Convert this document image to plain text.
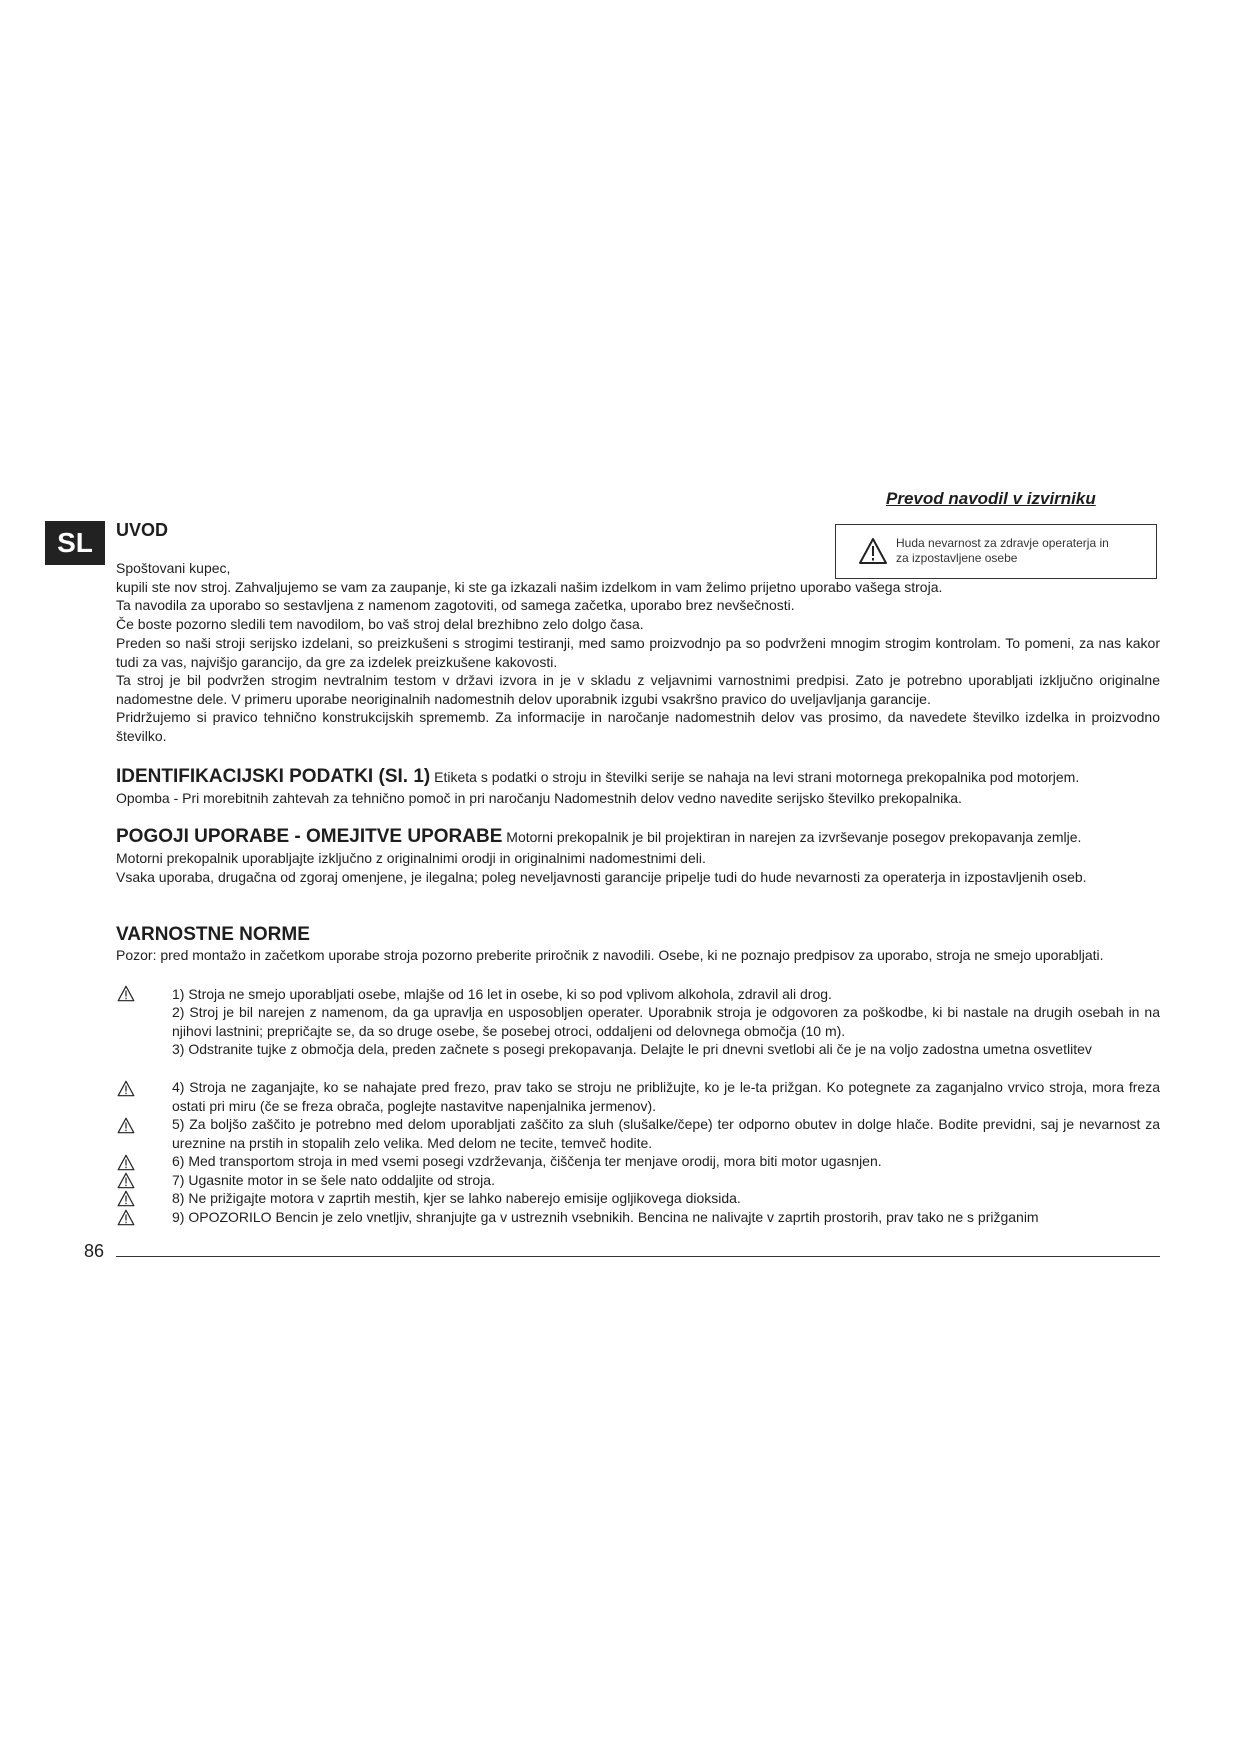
Prevod navodil v izvirniku
SL	UVOD
Huda nevarnost za zdravje operaterja in
za izpostavljene osebe
Spoštovani kupec,
kupili ste nov stroj. Zahvaljujemo se vam za zaupanje, ki ste ga izkazali našim izdelkom in vam želimo prijetno uporabo vašega stroja.
Ta navodila za uporabo so sestavljena z namenom zagotoviti, od samega začetka, uporabo brez nevšečnosti.
Če boste pozorno sledili tem navodilom, bo vaš stroj delal brezhibno zelo dolgo časa.
Preden so naši stroji serijsko izdelani, so preizkušeni s strogimi testiranji, med samo proizvodnjo pa so podvrženi mnogim strogim kontrolam. To pomeni, za nas kakor tudi za vas, najvišjo garancijo, da gre za izdelek preizkušene kakovosti.
Ta stroj je bil podvržen strogim nevtralnim testom v državi izvora in je v skladu z veljavnimi varnostnimi predpisi. Zato je potrebno uporabljati izključno originalne nadomestne dele. V primeru uporabe neoriginalnih nadomestnih delov uporabnik izgubi vsakršno pravico do uveljavljanja garancije.
Pridržujemo si pravico tehnično konstrukcijskih sprememb. Za informacije in naročanje nadomestnih delov vas prosimo, da navedete številko izdelka in proizvodno številko.
IDENTIFIKACIJSKI PODATKI (SI. 1) Etiketa s podatki o stroju in številki serije se nahaja na levi strani motornega prekopalnika pod motorjem.
Opomba - Pri morebitnih zahtevah za tehnično pomoč in pri naročanju Nadomestnih delov vedno navedite serijsko številko prekopalnika.
POGOJI UPORABE - OMEJITVE UPORABE Motorni prekopalnik je bil projektiran in narejen za izvrševanje posegov prekopavanja zemlje.
Motorni prekopalnik uporabljajte izključno z originalnimi orodji in originalnimi nadomestnimi deli.
Vsaka uporaba, drugačna od zgoraj omenjene, je ilegalna; poleg neveljavnosti garancije pripelje tudi do hude nevarnosti za operaterja in izpostavljenih oseb.
VARNOSTNE NORME
Pozor: pred montažo in začetkom uporabe stroja pozorno preberite priročnik z navodili. Osebe, ki ne poznajo predpisov za uporabo, stroja ne smejo uporabljati.
1) Stroja ne smejo uporabljati osebe, mlajše od 16 let in osebe, ki so pod vplivom alkohola, zdravil ali drog.
2) Stroj je bil narejen z namenom, da ga upravlja en usposobljen operater. Uporabnik stroja je odgovoren za poškodbe, ki bi nastale na drugih osebah in na njihovi lastnini; prepričajte se, da so druge osebe, še posebej otroci, oddaljeni od delovnega območja (10 m).
3) Odstranite tujke z območja dela, preden začnete s posegi prekopavanja. Delajte le pri dnevni svetlobi ali če je na voljo zadostna umetna osvetlitev
4) Stroja ne zaganjajte, ko se nahajate pred frezo, prav tako se stroju ne približujte, ko je le-ta prižgan. Ko potegnete za zaganjalno vrvico stroja, mora freza ostati pri miru (če se freza obrača, poglejte nastavitve napenjalnika jermenov).
5) Za boljšo zaščito je potrebno med delom uporabljati zaščito za sluh (slušalke/čepe) ter odporno obutev in dolge hlače. Bodite previdni, saj je nevarnost za ureznine na prstih in stopalih zelo velika. Med delom ne tecite, temveč hodite.
6) Med transportom stroja in med vsemi posegi vzdrževanja, čiščenja ter menjave orodij, mora biti motor ugasnjen.
7) Ugasnite motor in se šele nato oddaljite od stroja.
8) Ne prižigajte motora v zaprtih mestih, kjer se lahko naberejo emisije ogljikovega dioksida.
9) OPOZORILO Bencin je zelo vnetljiv, shranjujte ga v ustreznih vsebnikih. Bencina ne nalivajte v zaprtih prostorih, prav tako ne s prižganim
86
